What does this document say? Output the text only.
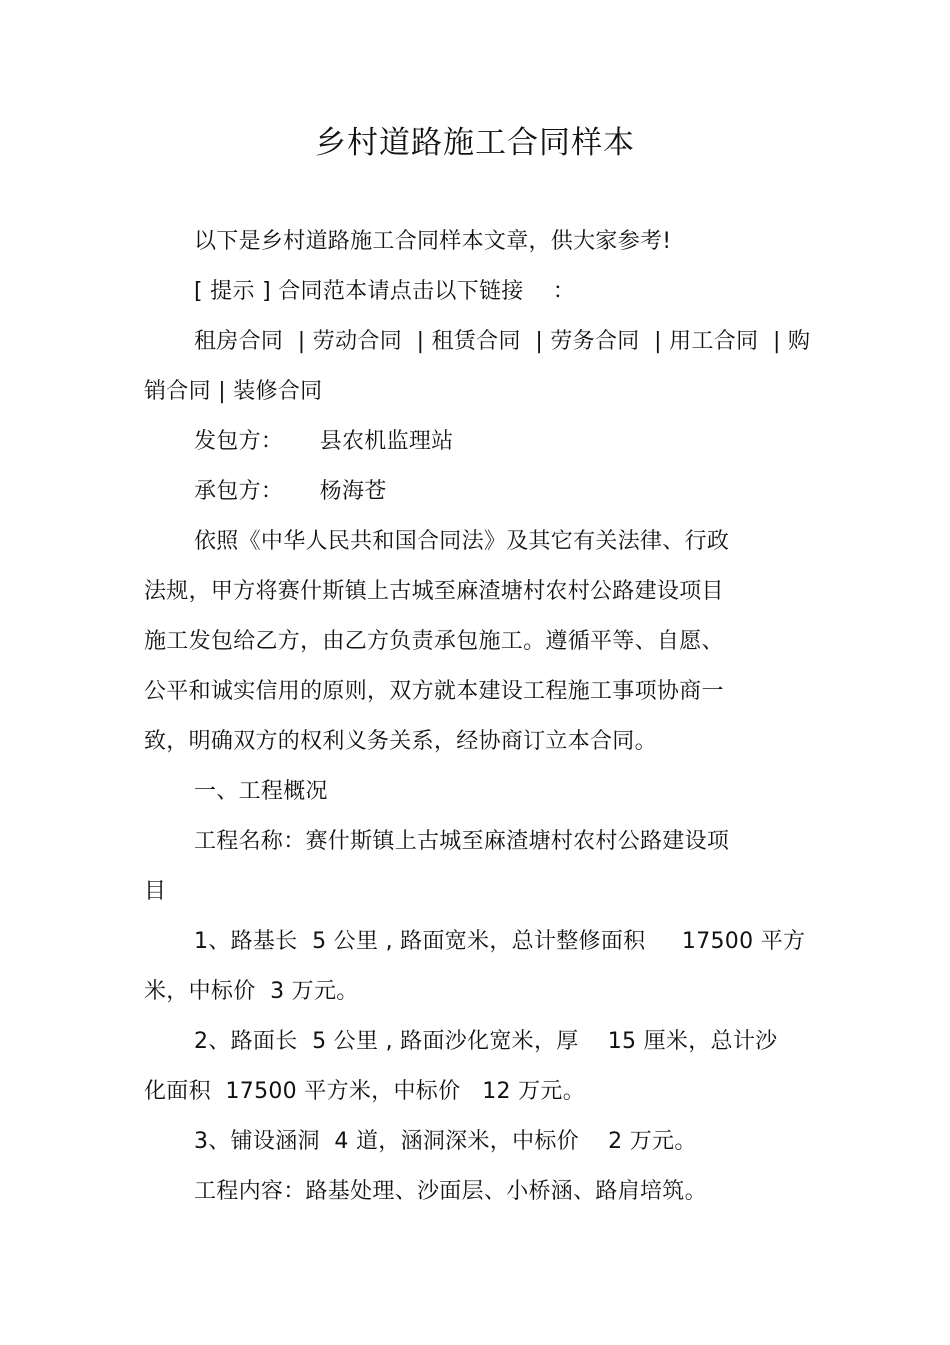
乡村道路施工合同样本
以下是乡村道路施工合同样本文章，供大家参考!
[ 提示 ] 合同范本请点击以下链接    ：
租房合同  | 劳动合同  | 租赁合同  | 劳务合同  | 用工合同  | 购
销合同 | 装修合同
发包方：     县农机监理站
承包方：     杨海苍
依照《中华人民共和国合同法》及其它有关法律、行政
法规，甲方将赛什斯镇上古城至麻渣塘村农村公路建设项目
施工发包给乙方，由乙方负责承包施工。遵循平等、自愿、
公平和诚实信用的原则，双方就本建设工程施工事项协商一
致，明确双方的权利义务关系，经协商订立本合同。
一、工程概况
工程名称：赛什斯镇上古城至麻渣塘村农村公路建设项
目
1、路基长  5 公里 , 路面宽米，总计整修面积     17500 平方
米，中标价  3 万元。
2、路面长  5 公里 , 路面沙化宽米，厚    15 厘米，总计沙
化面积  17500 平方米，中标价   12 万元。
3、铺设涵洞  4 道，涵洞深米，中标价    2 万元。
工程内容：路基处理、沙面层、小桥涵、路肩培筑。
